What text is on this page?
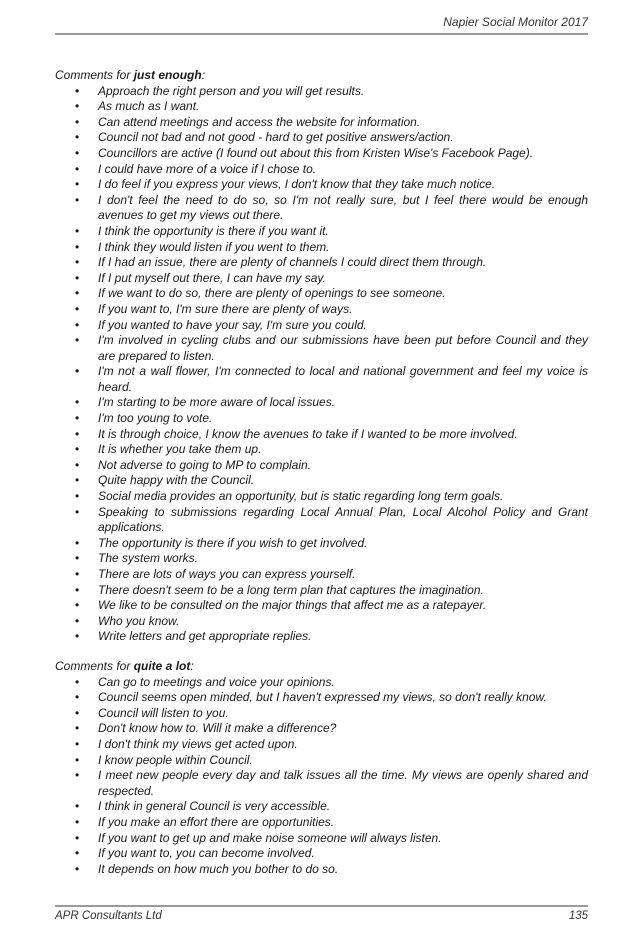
Napier Social Monitor 2017

Comments for just enough:

• Approach the right person and you will get results.
• As much as I want.
• Can attend meetings and access the website for information.
• Council not bad and not good - hard to get positive answers/action.
• Councillors are active (I found out about this from Kristen Wise's Facebook Page).
• I could have more of a voice if I chose to.
• I do feel if you express your views, I don't know that they take much notice.
• I don't feel the need to do so, so I'm not really sure, but I feel there would be enough avenues to get my views out there.
• I think the opportunity is there if you want it.
• I think they would listen if you went to them.
• If I had an issue, there are plenty of channels I could direct them through.
• If I put myself out there, I can have my say.
• If we want to do so, there are plenty of openings to see someone.
• If you want to, I'm sure there are plenty of ways.
• If you wanted to have your say, I'm sure you could.
• I'm involved in cycling clubs and our submissions have been put before Council and they are prepared to listen.
• I'm not a wall flower, I'm connected to local and national government and feel my voice is heard.
• I'm starting to be more aware of local issues.
• I'm too young to vote.
• It is through choice, I know the avenues to take if I wanted to be more involved.
• It is whether you take them up.
• Not adverse to going to MP to complain.
• Quite happy with the Council.
• Social media provides an opportunity, but is static regarding long term goals.
• Speaking to submissions regarding Local Annual Plan, Local Alcohol Policy and Grant applications.
• The opportunity is there if you wish to get involved.
• The system works.
• There are lots of ways you can express yourself.
• There doesn't seem to be a long term plan that captures the imagination.
• We like to be consulted on the major things that affect me as a ratepayer.
• Who you know.
• Write letters and get appropriate replies.

Comments for quite a lot:

• Can go to meetings and voice your opinions.
• Council seems open minded, but I haven't expressed my views, so don't really know.
• Council will listen to you.
• Don't know how to. Will it make a difference?
• I don't think my views get acted upon.
• I know people within Council.
• I meet new people every day and talk issues all the time. My views are openly shared and respected.
• I think in general Council is very accessible.
• If you make an effort there are opportunities.
• If you want to get up and make noise someone will always listen.
• If you want to, you can become involved.
• It depends on how much you bother to do so.
APR Consultants Ltd	135
